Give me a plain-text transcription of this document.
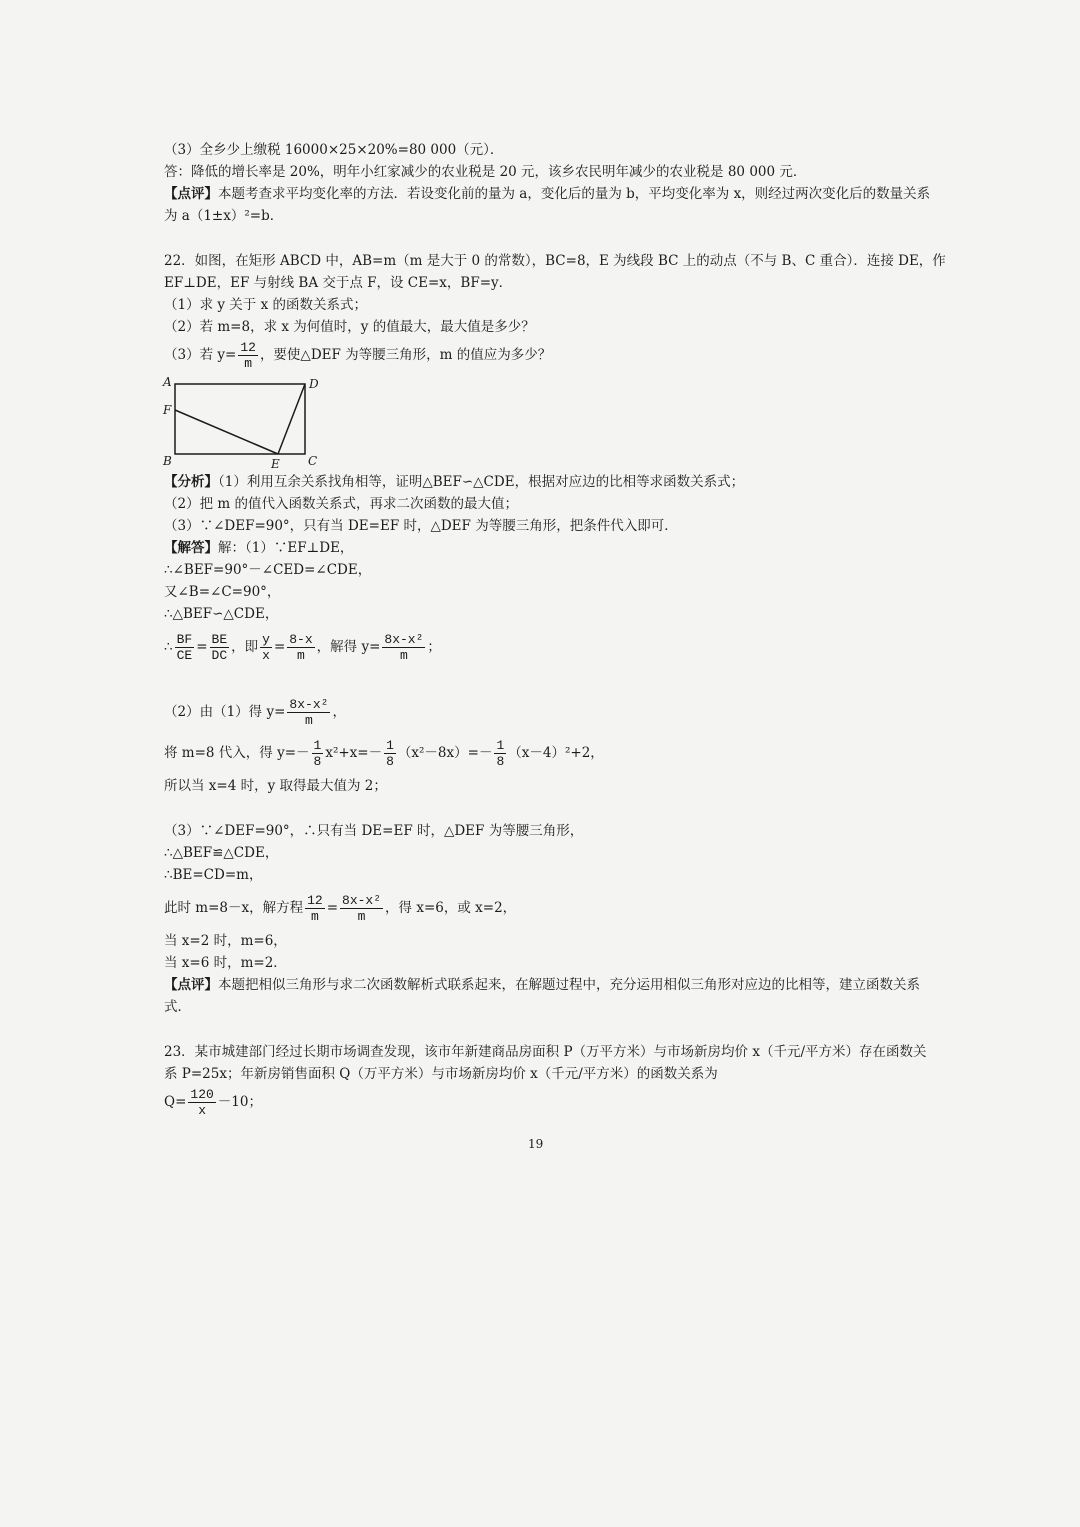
（3）全乡少上缴税 16000×25×20%=80 000（元）．
答：降低的增长率是 20%，明年小红家减少的农业税是 20 元，该乡农民明年减少的农业税是 80 000 元．
【点评】本题考查求平均变化率的方法．若设变化前的量为 a，变化后的量为 b，平均变化率为 x，则经过两次变化后的数量关系
为 a（1±x）²=b．
22．如图，在矩形 ABCD 中，AB=m（m 是大于 0 的常数），BC=8，E 为线段 BC 上的动点（不与 B、C 重合）．连接 DE，作
EF⊥DE，EF 与射线 BA 交于点 F，设 CE=x，BF=y．
（1）求 y 关于 x 的函数关系式；
（2）若 m=8，求 x 为何值时，y 的值最大，最大值是多少？
（3）若 $y= \frac{12}{m}$ ，要使△DEF 为等腰三角形，m 的值应为多少？
A	D
F
B	E C
【分析】（1）利用互余关系找角相等，证明△BEF∽△CDE，根据对应边的比相等求函数关系式；
（2）把 m 的值代入函数关系式，再求二次函数的最大值；
（3）∵∠DEF=90°，只有当 DE=EF 时，△DEF 为等腰三角形，把条件代入即可．
【解答】解：（1）∵EF⊥DE，
∴∠BEF=90°－∠CED=∠CDE，
又∠B=∠C=90°，
∴△BEF∽△CDE，
∴ $\frac{BF}{CE} = \frac{BE}{DC}$ ，即 $\frac{y}{x} = \frac{8-x}{m}$ ，解得 $y= \frac{\text{8x-x²}}{m}$ ；
（2）由（1）得 $y= \frac{\text{8x-x²}}{m}$ ，
将 m=8 代入，得 $y=- \frac{1}{8} x^2+x=- \frac{1}{8} (x^2-8x)=- \frac{1}{8} (x-4)^2+2$，
所以当 x=4 时，y 取得最大值为 2；
（3）∵∠DEF=90°，∴只有当 DE=EF 时，△DEF 为等腰三角形，
∴△BEF≌△CDE，
∴BE=CD=m，
此时 m=8－x，解方程 $\frac{12}{m} = \frac{\text{8x-x²}}{m}$ ，得 x=6，或 x=2，
当 x=2 时，m=6，
当 x=6 时，m=2．
【点评】本题把相似三角形与求二次函数解析式联系起来，在解题过程中，充分运用相似三角形对应边的比相等，建立函数关系
式．
23．某市城建部门经过长期市场调查发现，该市年新建商品房面积 P（万平方米）与市场新房均价 x（千元/平方米）存在函数关
系 P=25x；年新房销售面积 Q（万平方米）与市场新房均价 x（千元/平方米）的函数关系为
$Q= \frac{120}{x} -10$；
19
